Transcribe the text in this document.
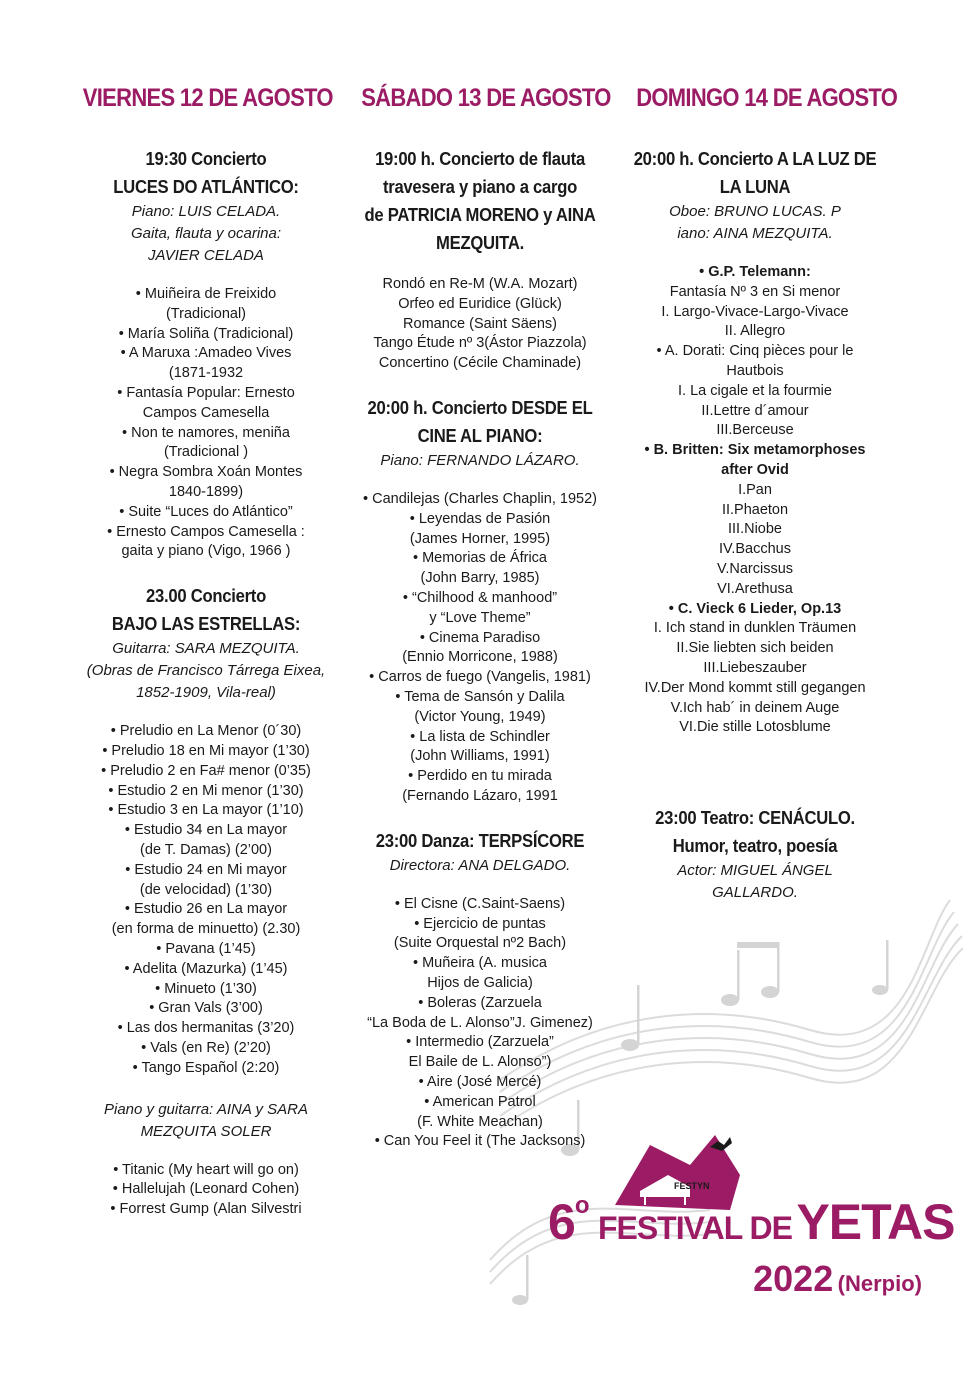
VIERNES 12 DE AGOSTO
19:30 Concierto
LUCES DO ATLÁNTICO:
Piano: LUIS CELADA.
Gaita, flauta y ocarina:
JAVIER CELADA
• Muiñeira de Freixido
(Tradicional)
• María Soliña (Tradicional)
• A Maruxa :Amadeo Vives
(1871-1932
• Fantasía Popular: Ernesto
Campos Camesella
• Non te namores, meniña
(Tradicional )
• Negra Sombra Xoán Montes
1840-1899)
• Suite “Luces do Atlántico”
• Ernesto Campos Camesella :
gaita y piano (Vigo, 1966 )
23.00 Concierto
BAJO LAS ESTRELLAS:
Guitarra: SARA MEZQUITA.
(Obras de Francisco Tárrega Eixea,
1852-1909, Vila-real)
• Preludio en La Menor (0´30)
• Preludio 18 en Mi mayor (1’30)
• Preludio 2 en Fa# menor (0’35)
• Estudio 2 en Mi menor (1’30)
• Estudio 3 en La mayor (1’10)
• Estudio 34 en La mayor
(de T. Damas) (2’00)
• Estudio 24 en Mi mayor
(de velocidad) (1’30)
• Estudio 26 en La mayor
(en forma de minuetto) (2.30)
• Pavana (1’45)
• Adelita (Mazurka) (1’45)
• Minueto (1’30)
• Gran Vals (3’00)
• Las dos hermanitas (3’20)
• Vals (en Re) (2’20)
• Tango Español (2:20)
Piano y guitarra: AINA y SARA
MEZQUITA SOLER
• Titanic (My heart will go on)
• Hallelujah (Leonard Cohen)
• Forrest Gump (Alan Silvestri
SÁBADO 13 DE AGOSTO
19:00 h. Concierto de flauta
travesera y piano a cargo
de PATRICIA MORENO y AINA
MEZQUITA.
Rondó en Re-M (W.A. Mozart)
Orfeo ed Euridice (Glück)
Romance (Saint Säens)
Tango Étude nº 3(Ástor Piazzola)
Concertino (Cécile Chaminade)
20:00 h. Concierto DESDE EL
CINE AL PIANO:
Piano: FERNANDO LÁZARO.
• Candilejas (Charles Chaplin, 1952)
• Leyendas de Pasión
(James Horner, 1995)
• Memorias de África
(John Barry, 1985)
• “Chilhood & manhood”
y “Love Theme”
• Cinema Paradiso
(Ennio Morricone, 1988)
• Carros de fuego (Vangelis, 1981)
• Tema de Sansón y Dalila
(Victor Young, 1949)
• La lista de Schindler
(John Williams, 1991)
• Perdido en tu mirada
(Fernando Lázaro, 1991
23:00 Danza: TERPSÍCORE
Directora: ANA DELGADO.
• El Cisne (C.Saint-Saens)
• Ejercicio de puntas
(Suite Orquestal nº2 Bach)
• Muñeira (A. musica
Hijos de Galicia)
• Boleras (Zarzuela
“La Boda de L. Alonso”J. Gimenez)
• Intermedio (Zarzuela”
El Baile de L. Alonso”)
• Aire (José Mercé)
• American Patrol
(F. White Meachan)
• Can You Feel it (The Jacksons)
DOMINGO 14 DE AGOSTO
20:00 h. Concierto A LA LUZ DE
LA LUNA
Oboe: BRUNO LUCAS. P
iano: AINA MEZQUITA.
• G.P. Telemann:
Fantasía Nº 3 en Si menor
I. Largo-Vivace-Largo-Vivace
II. Allegro
• A. Dorati: Cinq pièces pour le
Hautbois
I. La cigale et la fourmie
II.Lettre d´amour
III.Berceuse
• B. Britten: Six metamorphoses
after Ovid
I.Pan
II.Phaeton
III.Niobe
IV.Bacchus
V.Narcissus
VI.Arethusa
• C. Vieck 6 Lieder, Op.13
I. Ich stand in dunklen Träumen
II.Sie liebten sich beiden
III.Liebeszauber
IV.Der Mond kommt still gegangen
V.Ich hab´ in deinem Auge
VI.Die stille Lotosblume
23:00 Teatro: CENÁCULO.
Humor, teatro, poesía
Actor: MIGUEL ÁNGEL
GALLARDO.
FESTYN
6o FESTIVAL DE YETAS
2022 (Nerpio)
